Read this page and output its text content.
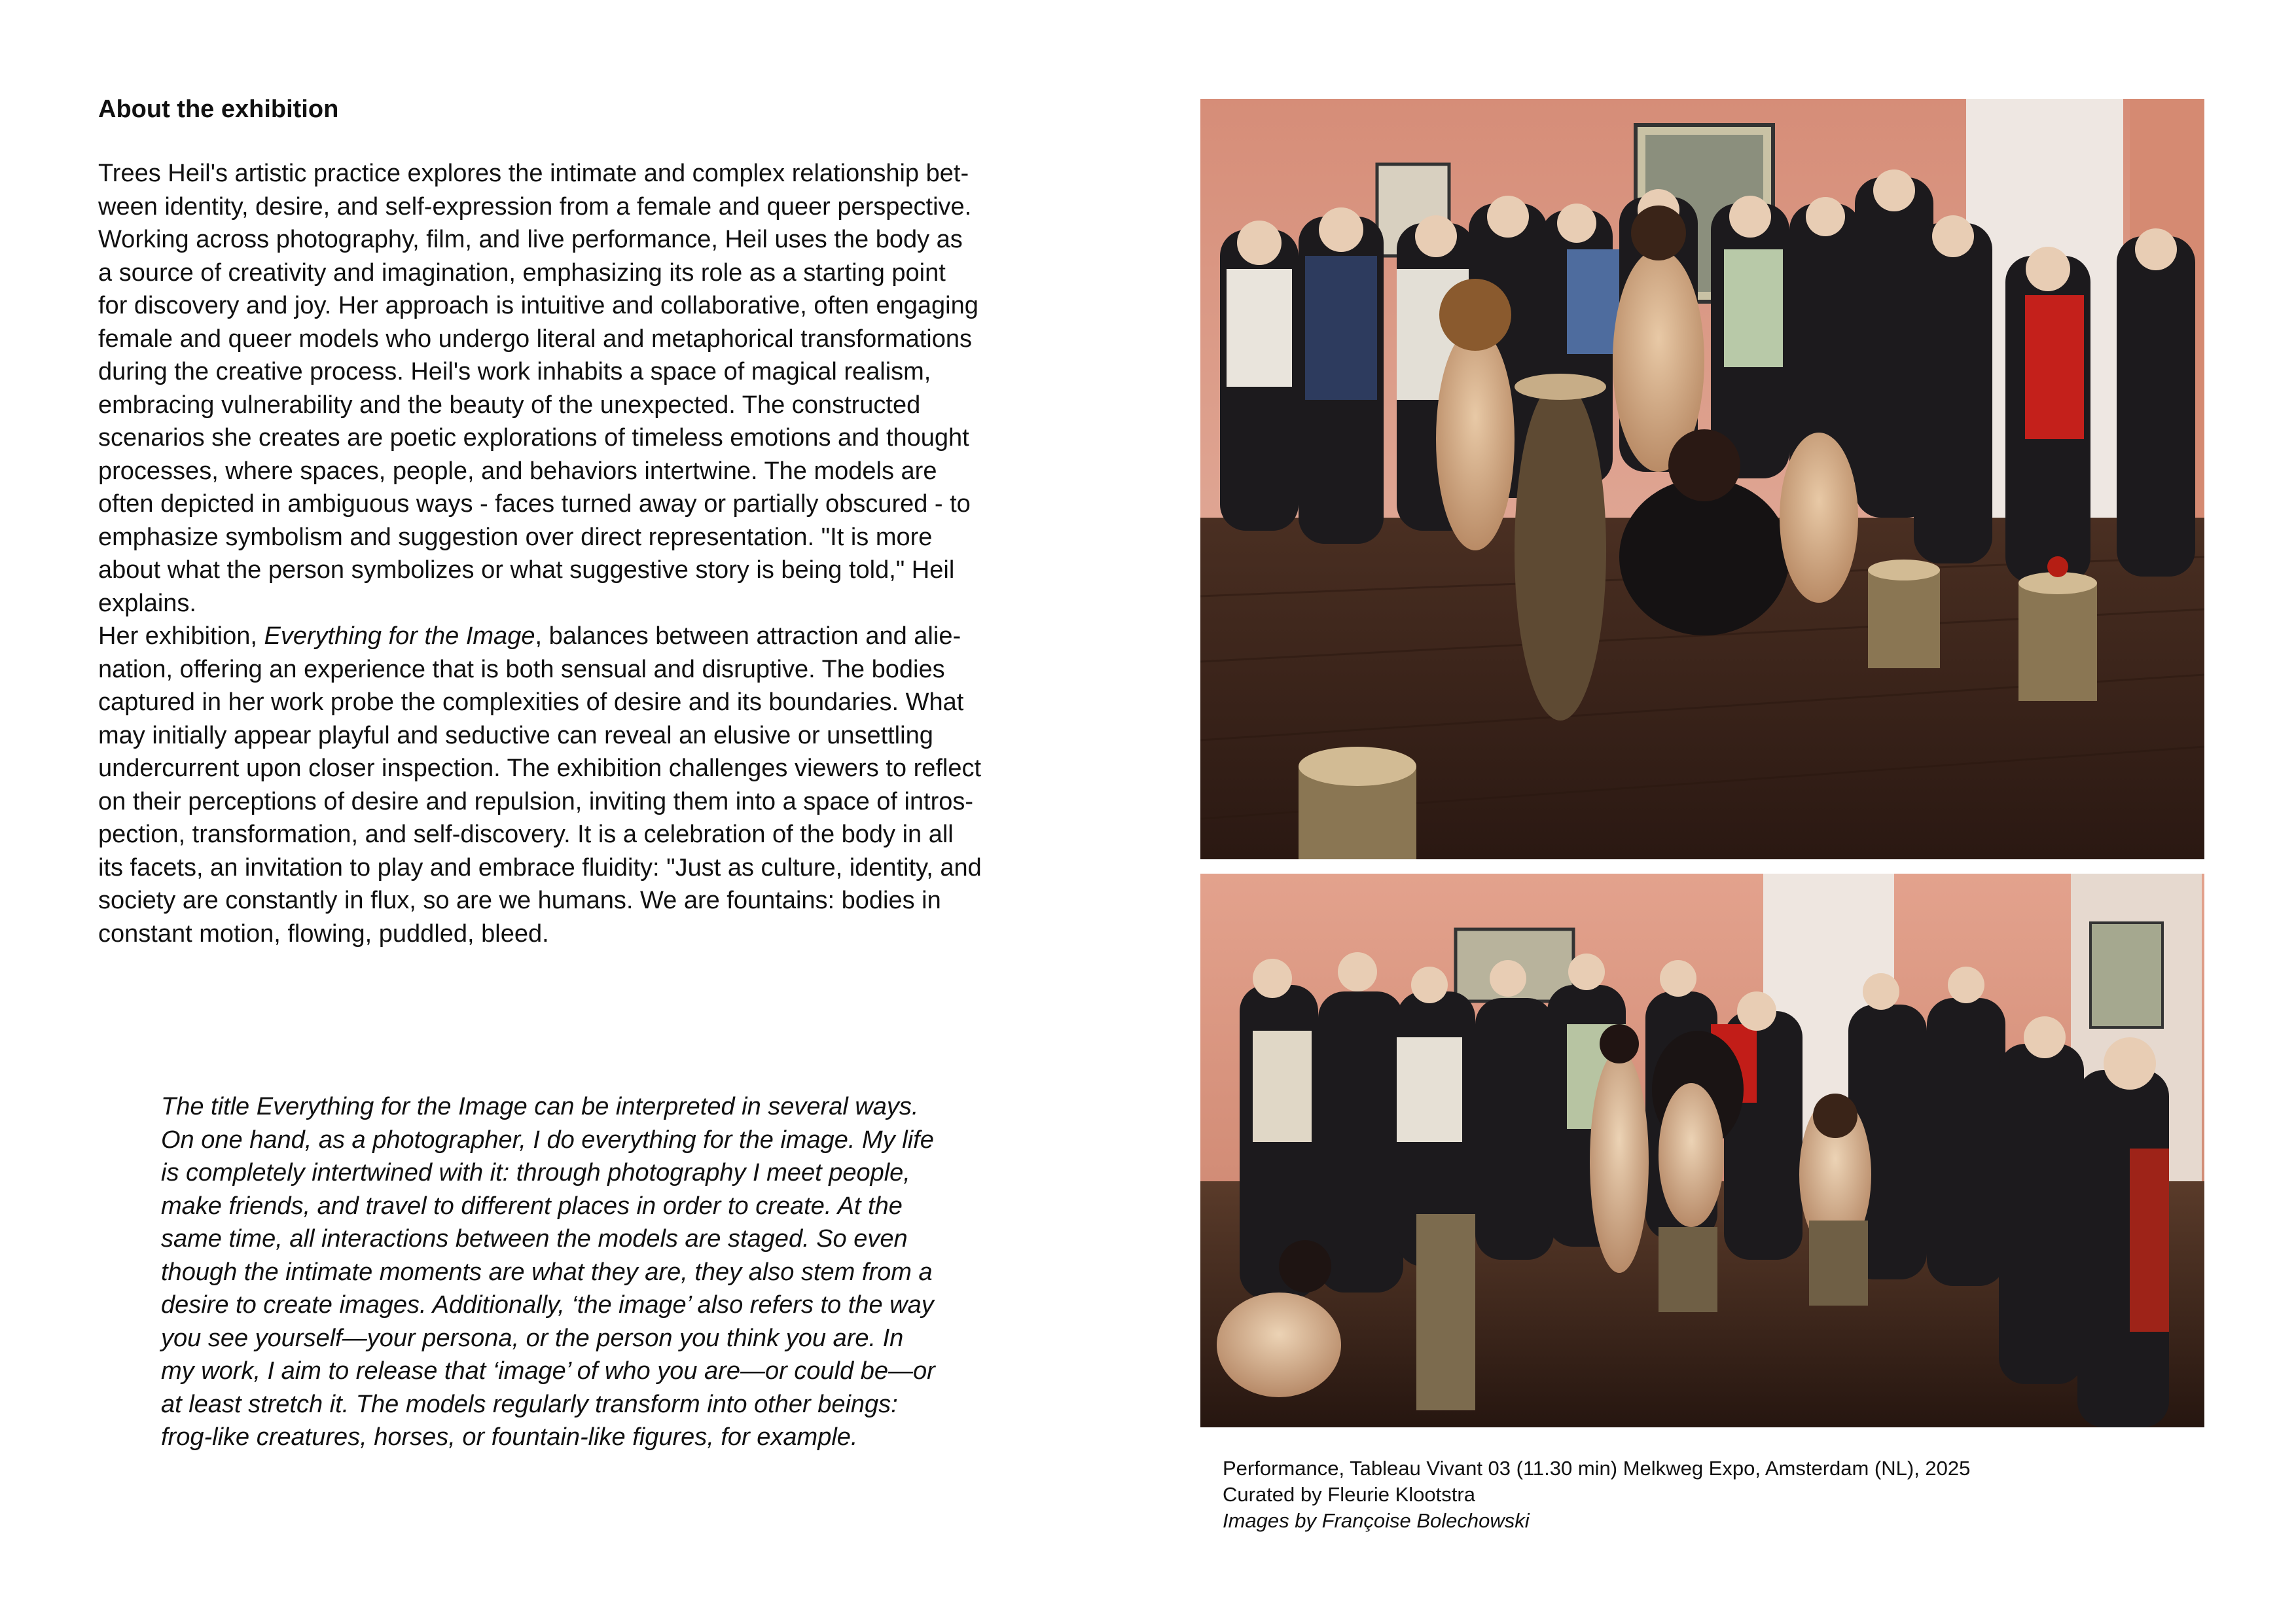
About the exhibition

Trees Heil's artistic practice explores the intimate and complex relationship bet-

ween identity, desire, and self-expression from a female and queer perspective.

Working across photography, film, and live performance, Heil uses the body as

a source of creativity and imagination, emphasizing its role as a starting point

for discovery and joy. Her approach is intuitive and collaborative, often engaging

female and queer models who undergo literal and metaphorical transformations

during the creative process. Heil's work inhabits a space of magical realism,

embracing vulnerability and the beauty of the unexpected. The constructed

scenarios she creates are poetic explorations of timeless emotions and thought

processes, where spaces, people, and behaviors intertwine. The models are

often depicted in ambiguous ways - faces turned away or partially obscured - to

emphasize symbolism and suggestion over direct representation. "It is more

about what the person symbolizes or what suggestive story is being told," Heil

explains.

Her exhibition, Everything for the Image, balances between attraction and alie-

nation, offering an experience that is both sensual and disruptive. The bodies

captured in her work probe the complexities of desire and its boundaries. What

may initially appear playful and seductive can reveal an elusive or unsettling

undercurrent upon closer inspection. The exhibition challenges viewers to reflect

on their perceptions of desire and repulsion, inviting them into a space of intros-

pection, transformation, and self-discovery. It is a celebration of the body in all

its facets, an invitation to play and embrace fluidity: "Just as culture, identity, and

society are constantly in flux, so are we humans. We are fountains: bodies in

constant motion, flowing, puddled, bleed.

The title Everything for the Image can be interpreted in several ways.

On one hand, as a photographer, I do everything for the image. My life

is completely intertwined with it: through photography I meet people,

make friends, and travel to different places in order to create. At the

same time, all interactions between the models are staged. So even

though the intimate moments are what they are, they also stem from a

desire to create images. Additionally, ‘the image’ also refers to the way

you see yourself—your persona, or the person you think you are. In

my work, I aim to release that ‘image’ of who you are—or could be—or

at least stretch it. The models regularly transform into other beings:

frog-like creatures, horses, or fountain-like figures, for example.

Performance, Tableau Vivant 03 (11.30 min) Melkweg Expo, Amsterdam (NL), 2025
Curated by Fleurie Klootstra
Images by Françoise Bolechowski
